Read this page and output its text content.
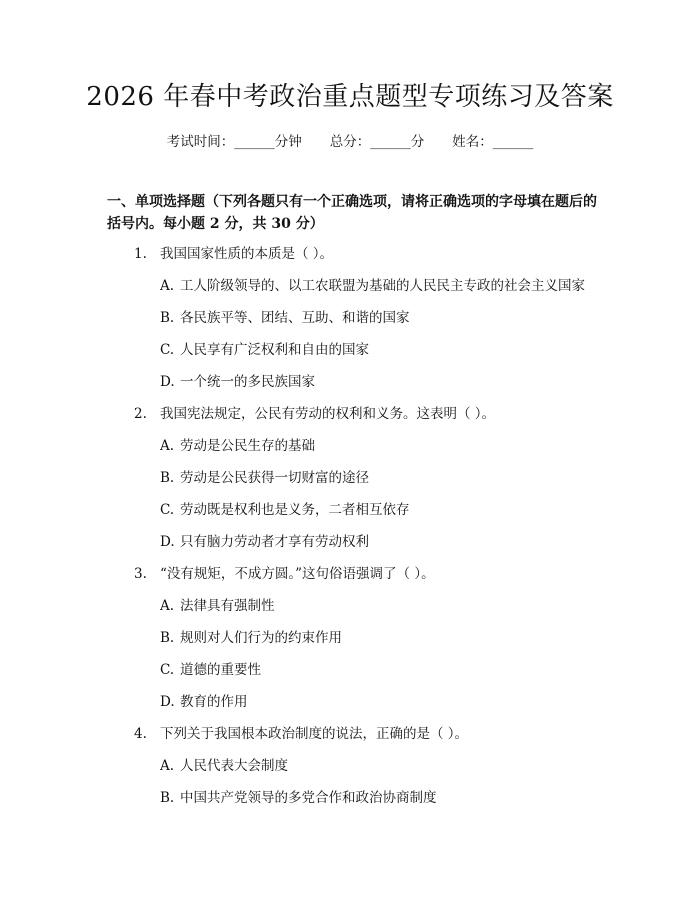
2026 年春中考政治重点题型专项练习及答案
考试时间：______分钟 总分：______分 姓名：______
一、单项选择题（下列各题只有一个正确选项，请将正确选项的字母填在题后的括号内。每小题 2 分，共 30 分）
1. 我国国家性质的本质是（ ）。
A. 工人阶级领导的、以工农联盟为基础的人民民主专政的社会主义国家
B. 各民族平等、团结、互助、和谐的国家
C. 人民享有广泛权利和自由的国家
D. 一个统一的多民族国家
2. 我国宪法规定，公民有劳动的权利和义务。这表明（ ）。
A. 劳动是公民生存的基础
B. 劳动是公民获得一切财富的途径
C. 劳动既是权利也是义务，二者相互依存
D. 只有脑力劳动者才享有劳动权利
3. “没有规矩，不成方圆。”这句俗语强调了（ ）。
A. 法律具有强制性
B. 规则对人们行为的约束作用
C. 道德的重要性
D. 教育的作用
4. 下列关于我国根本政治制度的说法，正确的是（ ）。
A. 人民代表大会制度
B. 中国共产党领导的多党合作和政治协商制度
